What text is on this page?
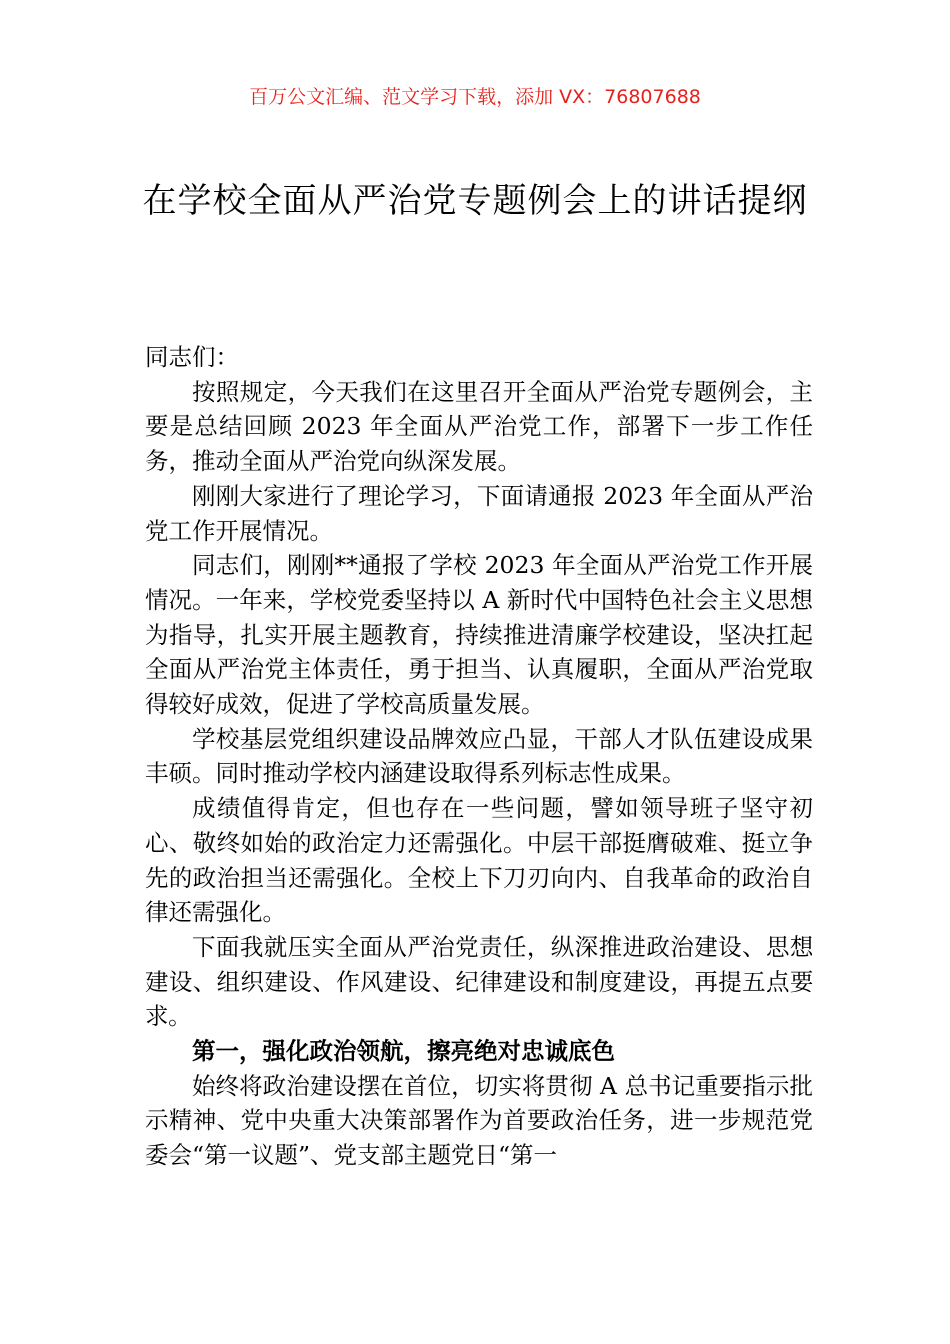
百万公文汇编、范文学习下载，添加 VX：76807688
在学校全面从严治党专题例会上的讲话提纲

同志们：

按照规定，今天我们在这里召开全面从严治党专题例会，主要是总结回顾 2023 年全面从严治党工作，部署下一步工作任务，推动全面从严治党向纵深发展。

刚刚大家进行了理论学习，下面请通报 2023 年全面从严治党工作开展情况。

同志们，刚刚**通报了学校 2023 年全面从严治党工作开展情况。一年来，学校党委坚持以 A 新时代中国特色社会主义思想为指导，扎实开展主题教育，持续推进清廉学校建设，坚决扛起全面从严治党主体责任，勇于担当、认真履职，全面从严治党取得较好成效，促进了学校高质量发展。

学校基层党组织建设品牌效应凸显，干部人才队伍建设成果丰硕。同时推动学校内涵建设取得系列标志性成果。

成绩值得肯定，但也存在一些问题，譬如领导班子坚守初心、敬终如始的政治定力还需强化。中层干部挺膺破难、挺立争先的政治担当还需强化。全校上下刀刃向内、自我革命的政治自律还需强化。

下面我就压实全面从严治党责任，纵深推进政治建设、思想建设、组织建设、作风建设、纪律建设和制度建设，再提五点要求。

第一，强化政治领航，擦亮绝对忠诚底色

始终将政治建设摆在首位，切实将贯彻 A 总书记重要指示批示精神、党中央重大决策部署作为首要政治任务，进一步规范党委会“第一议题”、党支部主题党日“第一
